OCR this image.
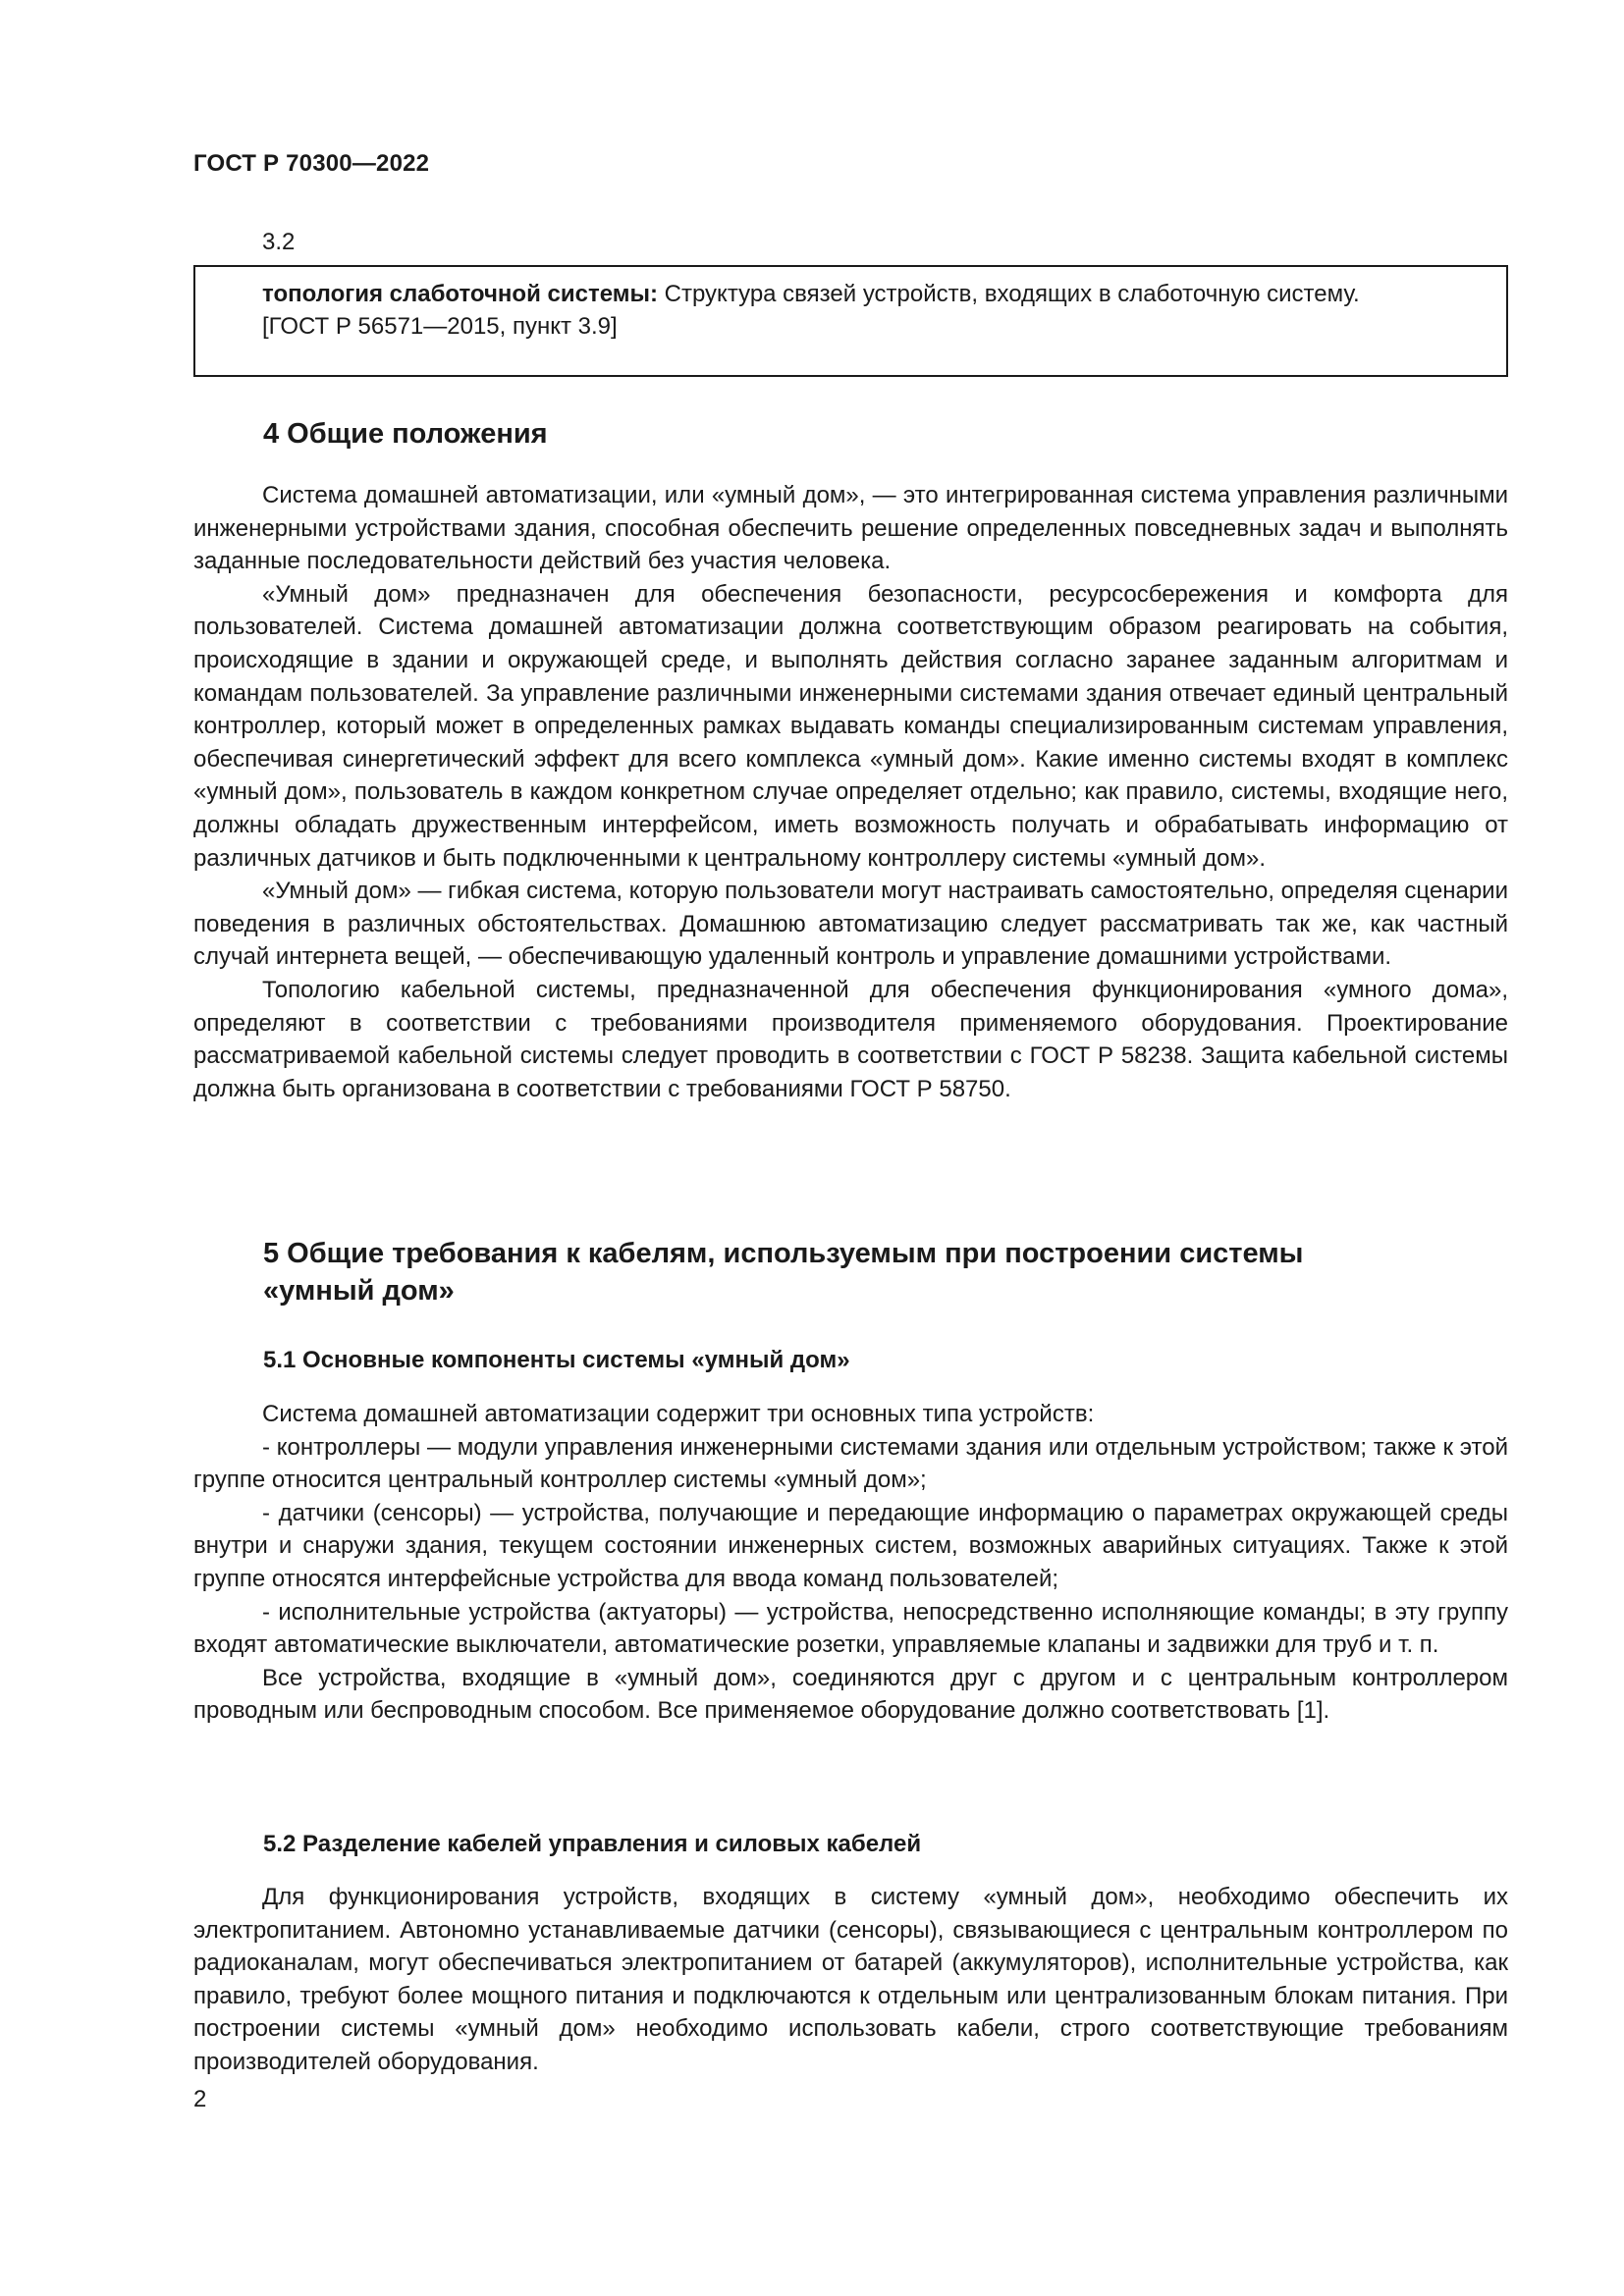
ГОСТ Р 70300—2022
3.2

топология слаботочной системы: Структура связей устройств, входящих в слаботочную систему.

[ГОСТ Р 56571—2015, пункт 3.9]

4 Общие положения

Система домашней автоматизации, или «умный дом», — это интегрированная система управления различными инженерными устройствами здания, способная обеспечить решение определенных повседневных задач и выполнять заданные последовательности действий без участия человека.

«Умный дом» предназначен для обеспечения безопасности, ресурсосбережения и комфорта для пользователей. Система домашней автоматизации должна соответствующим образом реагировать на события, происходящие в здании и окружающей среде, и выполнять действия согласно заранее заданным алгоритмам и командам пользователей. За управление различными инженерными системами здания отвечает единый центральный контроллер, который может в определенных рамках выдавать команды специализированным системам управления, обеспечивая синергетический эффект для всего комплекса «умный дом». Какие именно системы входят в комплекс «умный дом», пользователь в каждом конкретном случае определяет отдельно; как правило, системы, входящие него, должны обладать дружественным интерфейсом, иметь возможность получать и обрабатывать информацию от различных датчиков и быть подключенными к центральному контроллеру системы «умный дом».

«Умный дом» — гибкая система, которую пользователи могут настраивать самостоятельно, определяя сценарии поведения в различных обстоятельствах. Домашнюю автоматизацию следует рассматривать так же, как частный случай интернета вещей, — обеспечивающую удаленный контроль и управление домашними устройствами.

Топологию кабельной системы, предназначенной для обеспечения функционирования «умного дома», определяют в соответствии с требованиями производителя применяемого оборудования. Проектирование рассматриваемой кабельной системы следует проводить в соответствии с ГОСТ Р 58238. Защита кабельной системы должна быть организована в соответствии с требованиями ГОСТ Р 58750.

5 Общие требования к кабелям, используемым при построении системы
«умный дом»
5.1 Основные компоненты системы «умный дом»

Система домашней автоматизации содержит три основных типа устройств:

- контроллеры — модули управления инженерными системами здания или отдельным устройством; также к этой группе относится центральный контроллер системы «умный дом»;

- датчики (сенсоры) — устройства, получающие и передающие информацию о параметрах окружающей среды внутри и снаружи здания, текущем состоянии инженерных систем, возможных аварийных ситуациях. Также к этой группе относятся интерфейсные устройства для ввода команд пользователей;

- исполнительные устройства (актуаторы) — устройства, непосредственно исполняющие команды; в эту группу входят автоматические выключатели, автоматические розетки, управляемые клапаны и задвижки для труб и т. п.

Все устройства, входящие в «умный дом», соединяются друг с другом и с центральным контроллером проводным или беспроводным способом. Все применяемое оборудование должно соответствовать [1].

5.2 Разделение кабелей управления и силовых кабелей

Для функционирования устройств, входящих в систему «умный дом», необходимо обеспечить их электропитанием. Автономно устанавливаемые датчики (сенсоры), связывающиеся с центральным контроллером по радиоканалам, могут обеспечиваться электропитанием от батарей (аккумуляторов), исполнительные устройства, как правило, требуют более мощного питания и подключаются к отдельным или централизованным блокам питания. При построении системы «умный дом» необходимо использовать кабели, строго соответствующие требованиям производителей оборудования.

2
